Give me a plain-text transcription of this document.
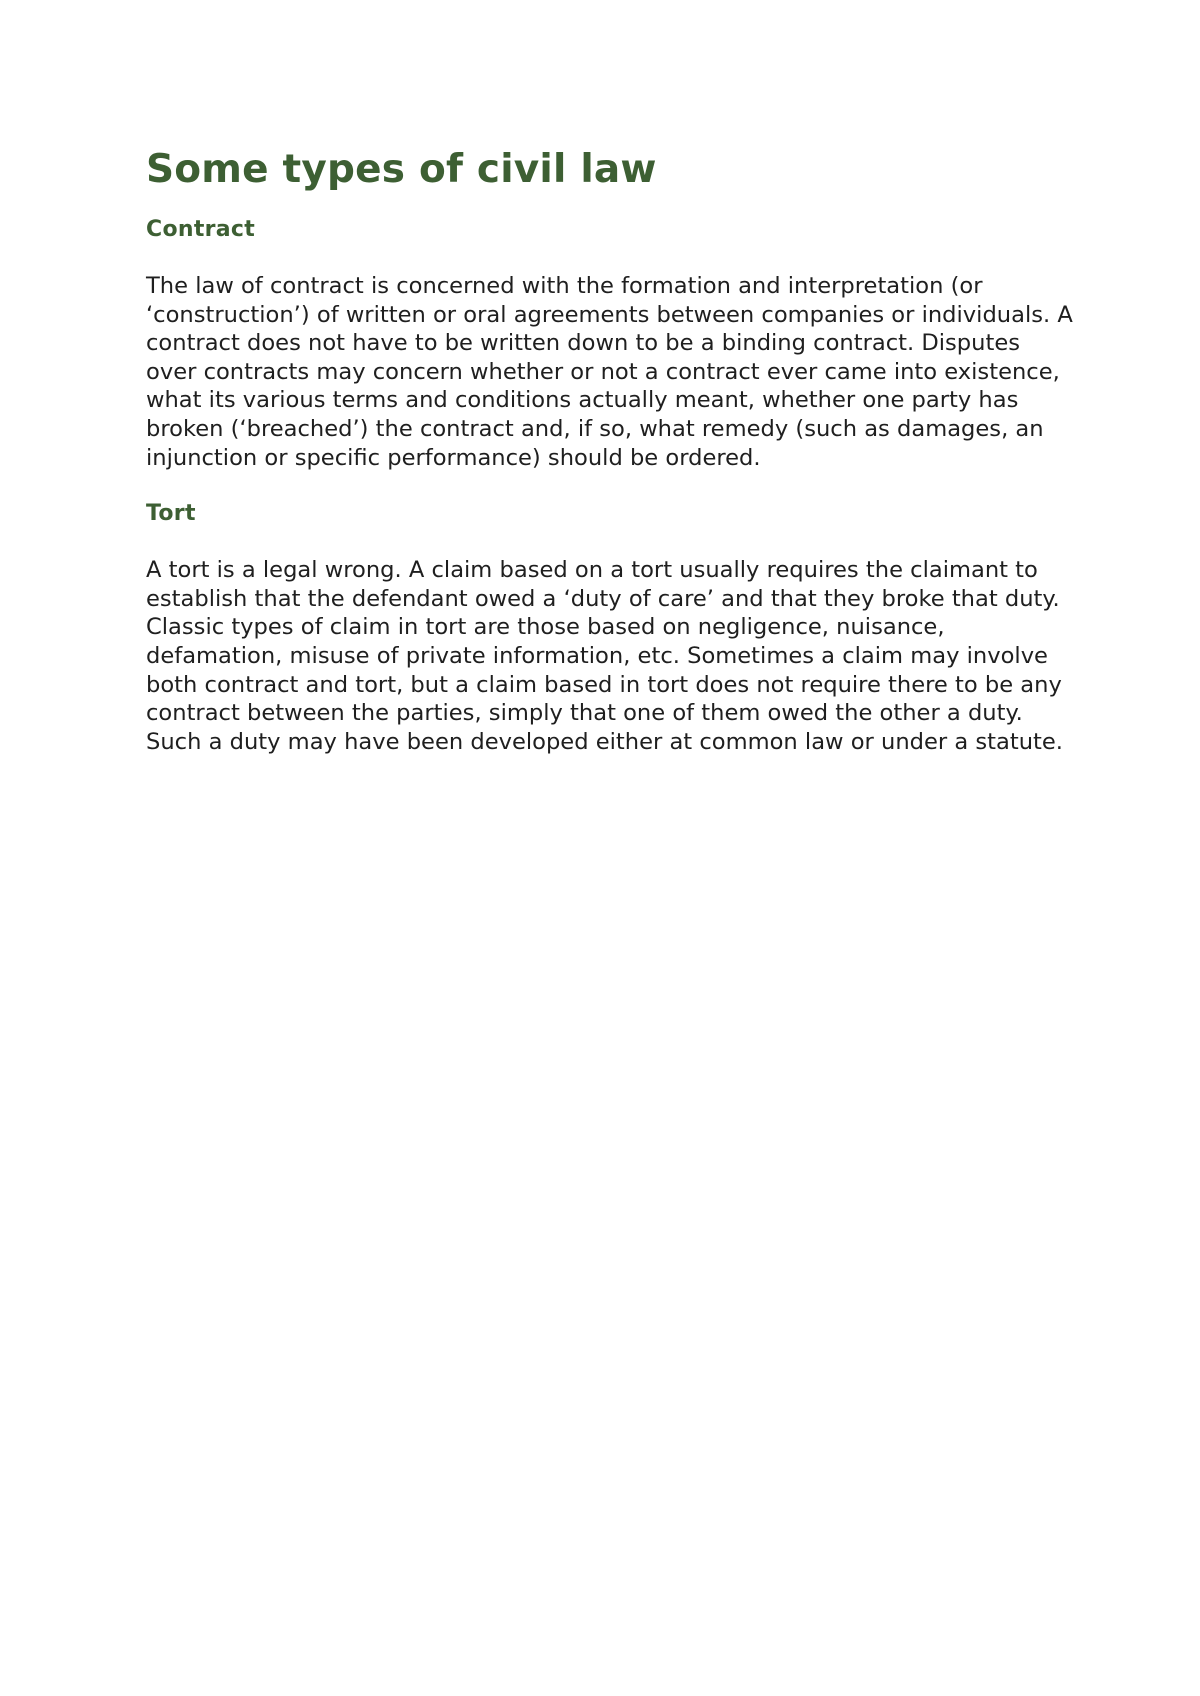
Some types of civil law
Contract

The law of contract is concerned with the formation and interpretation (or ‘construction’) of written or oral agreements between companies or individuals. A contract does not have to be written down to be a binding contract. Disputes over contracts may concern whether or not a contract ever came into existence, what its various terms and conditions actually meant, whether one party has broken (‘breached’) the contract and, if so, what remedy (such as damages, an injunction or specific performance) should be ordered.

Tort

A tort is a legal wrong. A claim based on a tort usually requires the claimant to establish that the defendant owed a ‘duty of care’ and that they broke that duty. Classic types of claim in tort are those based on negligence, nuisance, defamation, misuse of private information, etc. Sometimes a claim may involve both contract and tort, but a claim based in tort does not require there to be any contract between the parties, simply that one of them owed the other a duty. Such a duty may have been developed either at common law or under a statute.
